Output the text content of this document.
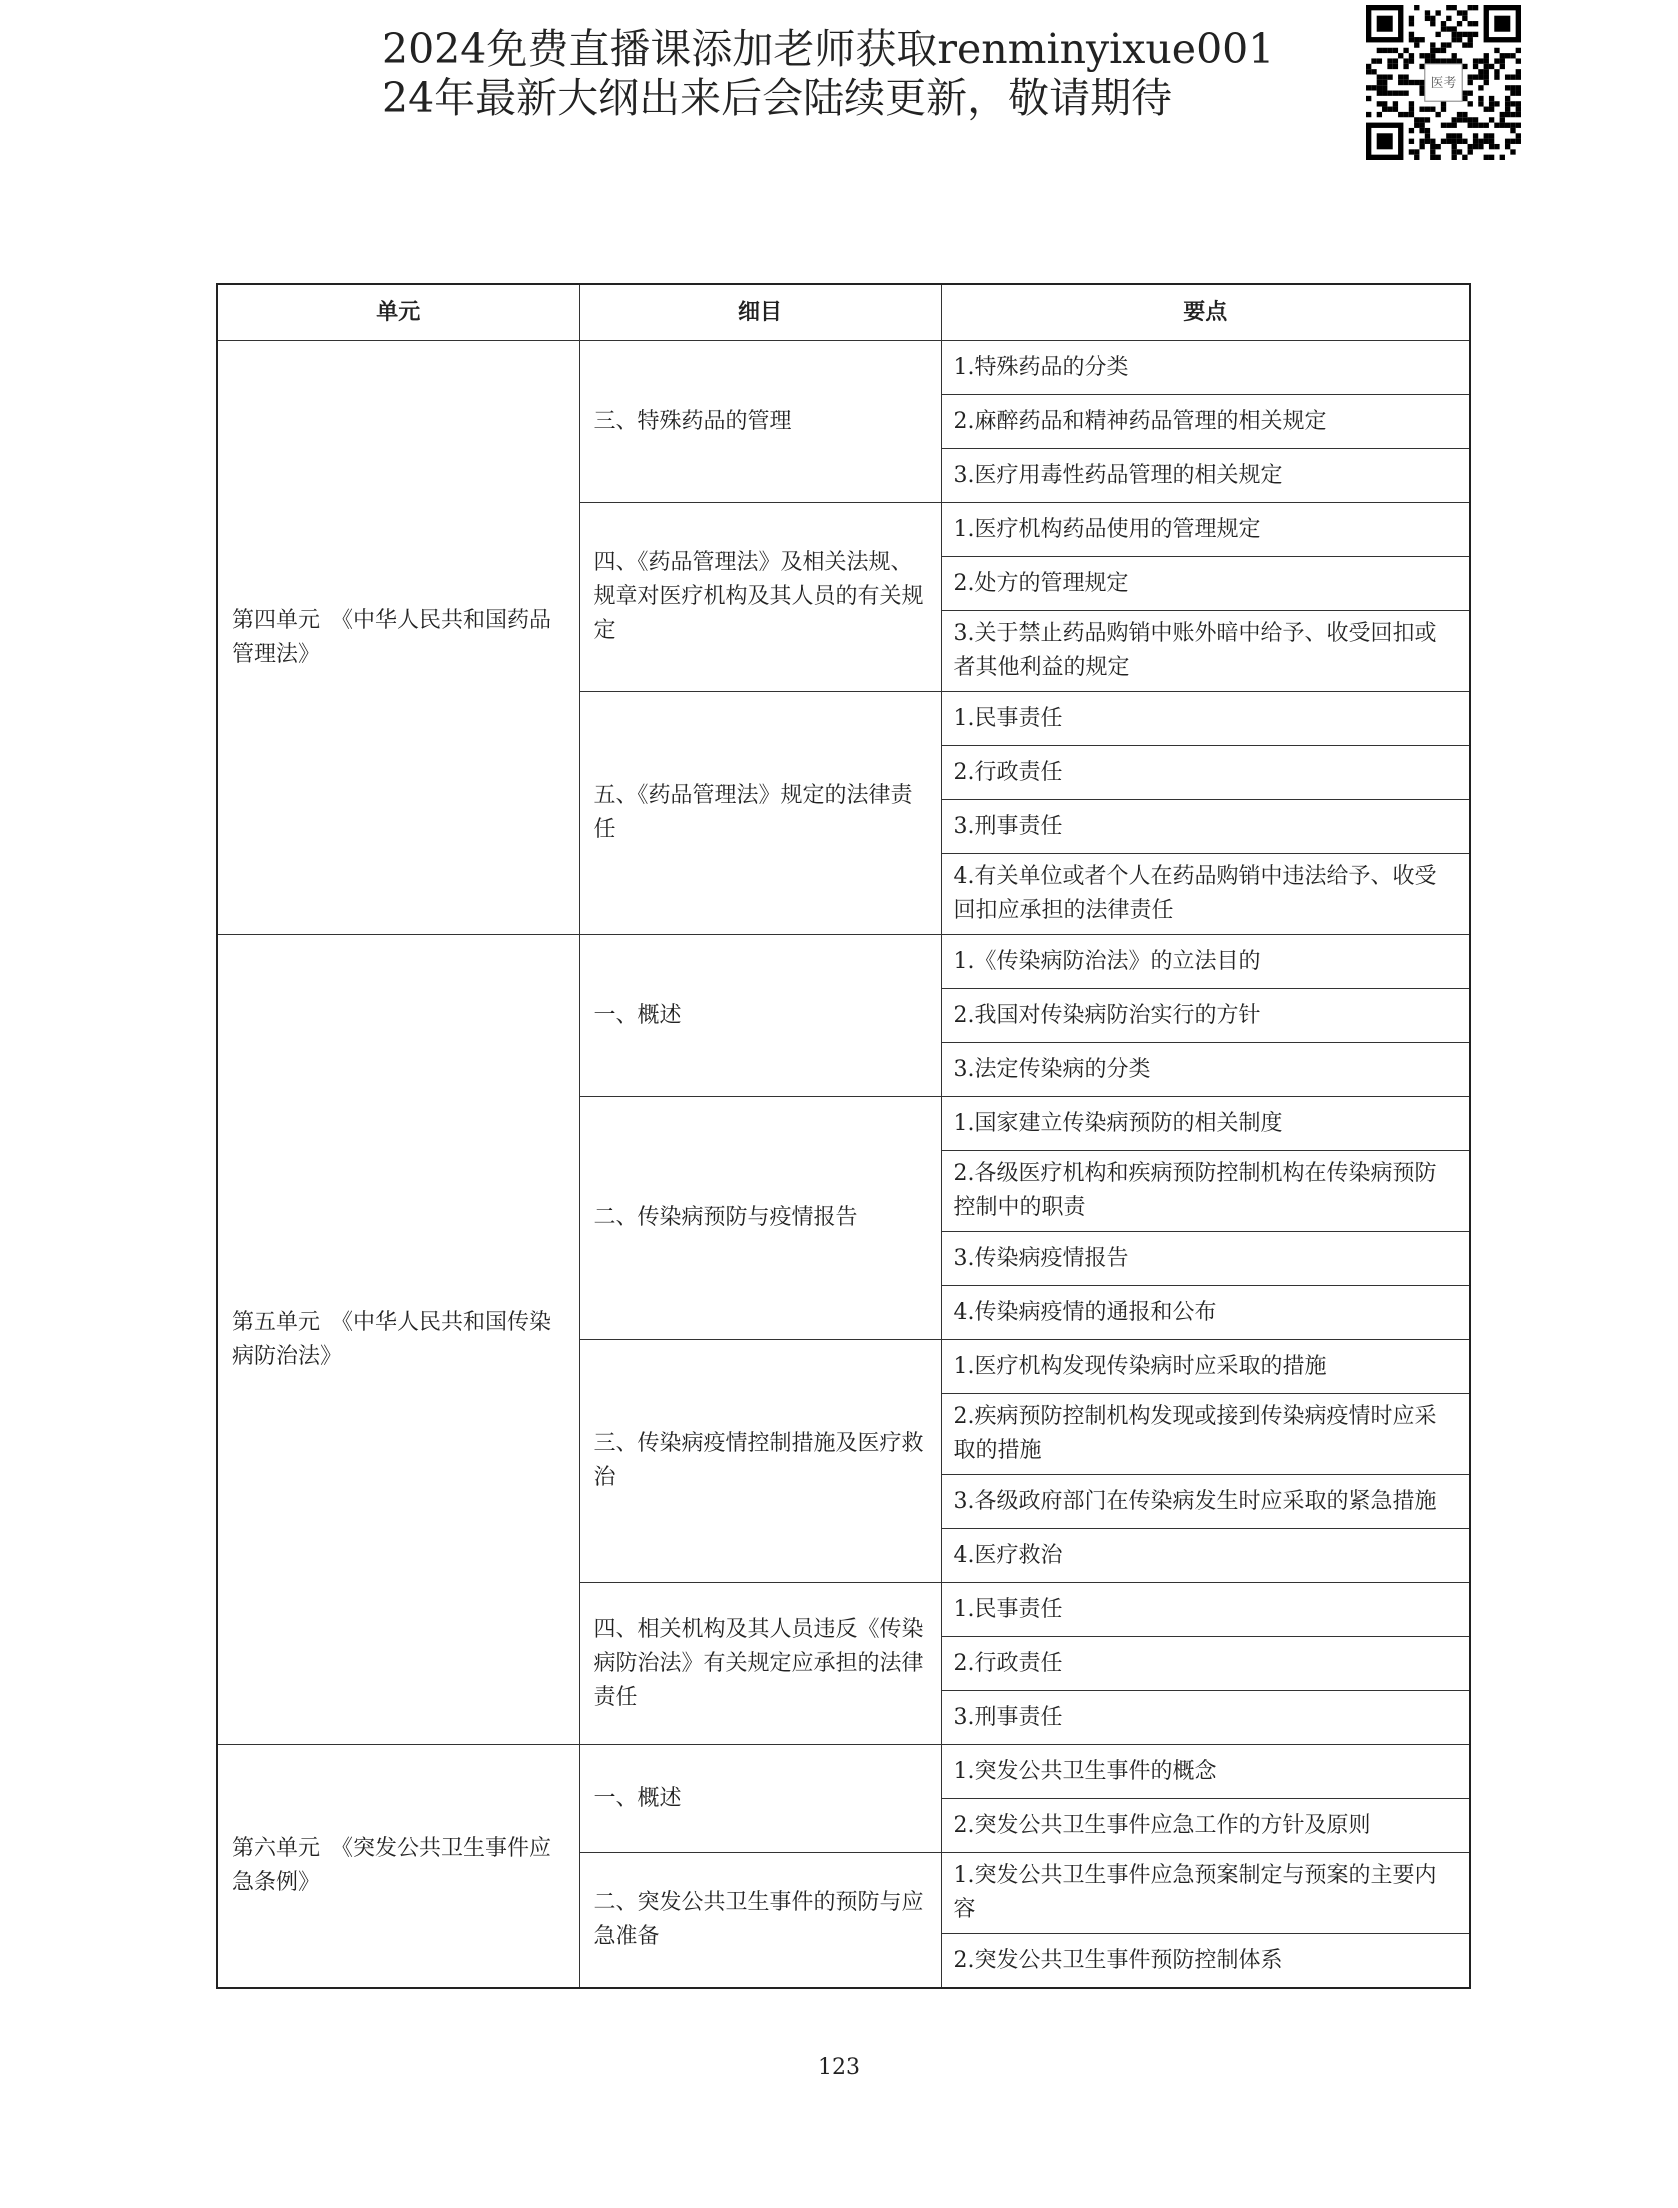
2024免费直播课添加老师获取renminyixue001
24年最新大纲出来后会陆续更新，敬请期待	医考
单元	细目	要点
第四单元　《中华人民共和国药品管理法》	三、特殊药品的管理	1.特殊药品的分类
		2.麻醉药品和精神药品管理的相关规定
		3.医疗用毒性药品管理的相关规定
	四、《药品管理法》及相关法规、规章对医疗机构及其人员的有关规定	1.医疗机构药品使用的管理规定
		2.处方的管理规定
		3.关于禁止药品购销中账外暗中给予、收受回扣或者其他利益的规定
	五、《药品管理法》规定的法律责任	1.民事责任
		2.行政责任
		3.刑事责任
		4.有关单位或者个人在药品购销中违法给予、收受回扣应承担的法律责任
第五单元　《中华人民共和国传染病防治法》	一、概述	1.《传染病防治法》的立法目的
		2.我国对传染病防治实行的方针
		3.法定传染病的分类
	二、传染病预防与疫情报告	1.国家建立传染病预防的相关制度
		2.各级医疗机构和疾病预防控制机构在传染病预防控制中的职责
		3.传染病疫情报告
		4.传染病疫情的通报和公布
	三、传染病疫情控制措施及医疗救治	1.医疗机构发现传染病时应采取的措施
		2.疾病预防控制机构发现或接到传染病疫情时应采取的措施
		3.各级政府部门在传染病发生时应采取的紧急措施
		4.医疗救治
	四、相关机构及其人员违反《传染病防治法》有关规定应承担的法律责任	1.民事责任
		2.行政责任
		3.刑事责任
第六单元　《突发公共卫生事件应急条例》	一、概述	1.突发公共卫生事件的概念
		2.突发公共卫生事件应急工作的方针及原则
	二、突发公共卫生事件的预防与应急准备	1.突发公共卫生事件应急预案制定与预案的主要内容
		2.突发公共卫生事件预防控制体系
123
